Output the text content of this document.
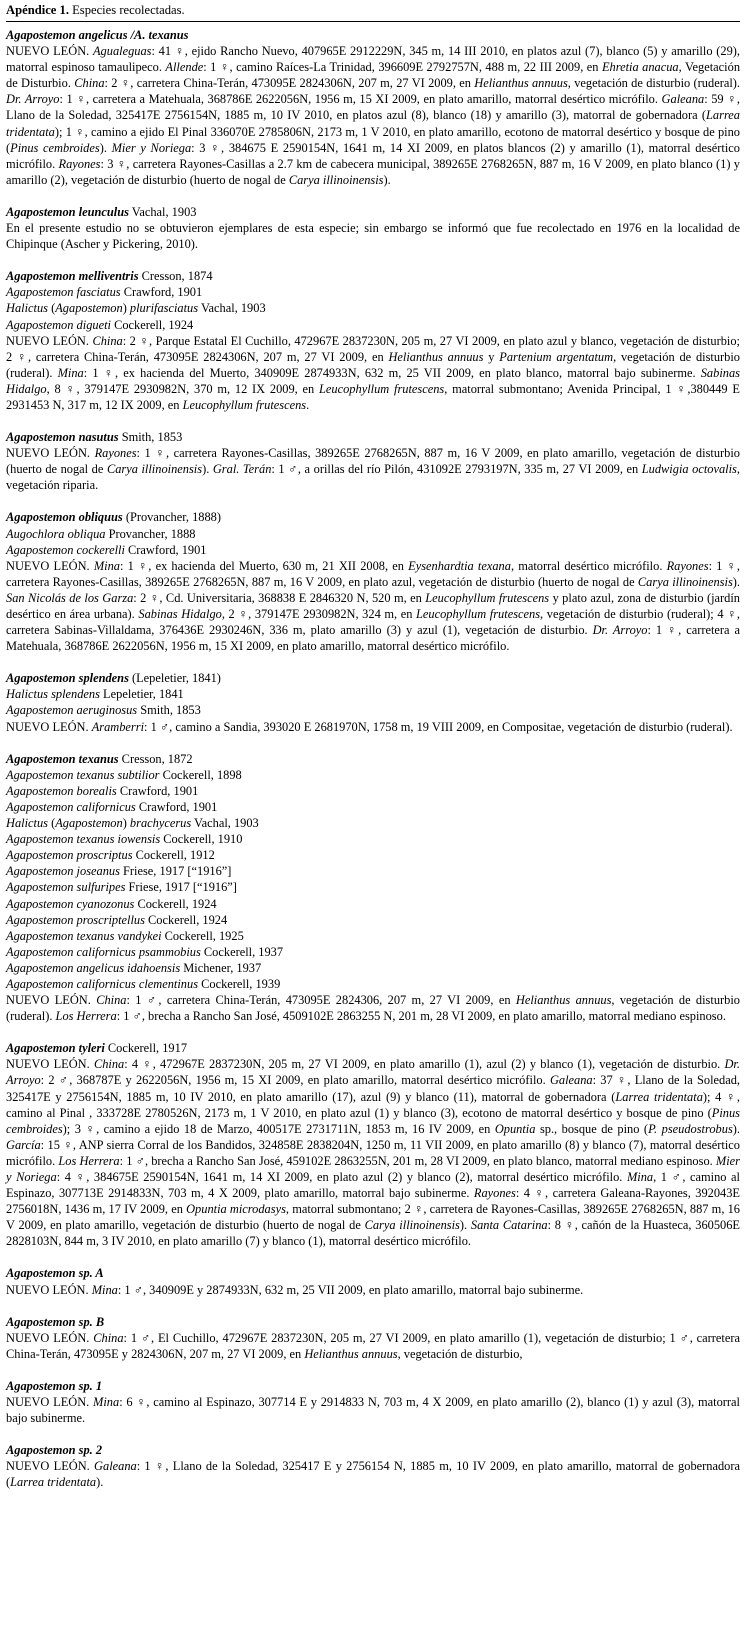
Apéndice 1. Especies recolectadas.

Agapostemon angelicus /A. texanus

NUEVO LEÓN. Agualeguas: 41 ♀, ejido Rancho Nuevo, 407965E 2912229N, 345 m, 14 III 2010, en platos azul (7), blanco (5) y amarillo (29), matorral espinoso tamaulipeco. Allende: 1 ♀, camino Raíces-La Trinidad, 396609E 2792757N, 488 m, 22 III 2009, en Ehretia anacua, Vegetación de Disturbio. China: 2 ♀, carretera China-Terán, 473095E 2824306N, 207 m, 27 VI 2009, en Helianthus annuus, vegetación de disturbio (ruderal). Dr. Arroyo: 1 ♀, carretera a Matehuala, 368786E 2622056N, 1956 m, 15 XI 2009, en plato amarillo, matorral desértico micrófilo. Galeana: 59 ♀, Llano de la Soledad, 325417E 2756154N, 1885 m, 10 IV 2010, en platos azul (8), blanco (18) y amarillo (3), matorral de gobernadora (Larrea tridentata); 1 ♀, camino a ejido El Pinal 336070E 2785806N, 2173 m, 1 V 2010, en plato amarillo, ecotono de matorral desértico y bosque de pino (Pinus cembroides). Mier y Noriega: 3 ♀, 384675 E 2590154N, 1641 m, 14 XI 2009, en platos blancos (2) y amarillo (1), matorral desértico micrófilo. Rayones: 3 ♀, carretera Rayones-Casillas a 2.7 km de cabecera municipal, 389265E 2768265N, 887 m, 16 V 2009, en plato blanco (1) y amarillo (2), vegetación de disturbio (huerto de nogal de Carya illinoinensis).

Agapostemon leunculus Vachal, 1903

En el presente estudio no se obtuvieron ejemplares de esta especie; sin embargo se informó que fue recolectado en 1976 en la localidad de Chipinque (Ascher y Pickering, 2010).

Agapostemon melliventris Cresson, 1874

Agapostemon fasciatus Crawford, 1901

Halictus (Agapostemon) plurifasciatus Vachal, 1903

Agapostemon digueti Cockerell, 1924

NUEVO LEÓN. China: 2 ♀, Parque Estatal El Cuchillo, 472967E 2837230N, 205 m, 27 VI 2009, en plato azul y blanco, vegetación de disturbio; 2 ♀, carretera China-Terán, 473095E 2824306N, 207 m, 27 VI 2009, en Helianthus annuus y Partenium argentatum, vegetación de disturbio (ruderal). Mina: 1 ♀, ex hacienda del Muerto, 340909E 2874933N, 632 m, 25 VII 2009, en plato blanco, matorral bajo subinerme. Sabinas Hidalgo, 8 ♀, 379147E 2930982N, 370 m, 12 IX 2009, en Leucophyllum frutescens, matorral submontano; Avenida Principal, 1 ♀,380449 E 2931453 N, 317 m, 12 IX 2009, en Leucophyllum frutescens.

Agapostemon nasutus Smith, 1853

NUEVO LEÓN. Rayones: 1 ♀, carretera Rayones-Casillas, 389265E 2768265N, 887 m, 16 V 2009, en plato amarillo, vegetación de disturbio (huerto de nogal de Carya illinoinensis). Gral. Terán: 1 ♂, a orillas del río Pilón, 431092E 2793197N, 335 m, 27 VI 2009, en Ludwigia octovalis, vegetación riparia.

Agapostemon obliquus (Provancher, 1888)

Augochlora obliqua Provancher, 1888

Agapostemon cockerelli Crawford, 1901

NUEVO LEÓN. Mina: 1 ♀, ex hacienda del Muerto, 630 m, 21 XII 2008, en Eysenhardtia texana, matorral desértico micrófilo. Rayones: 1 ♀, carretera Rayones-Casillas, 389265E 2768265N, 887 m, 16 V 2009, en plato azul, vegetación de disturbio (huerto de nogal de Carya illinoinensis). San Nicolás de los Garza: 2 ♀, Cd. Universitaria, 368838 E 2846320 N, 520 m, en Leucophyllum frutescens y plato azul, zona de disturbio (jardín desértico en área urbana). Sabinas Hidalgo, 2 ♀, 379147E 2930982N, 324 m, en Leucophyllum frutescens, vegetación de disturbio (ruderal); 4 ♀, carretera Sabinas-Villaldama, 376436E 2930246N, 336 m, plato amarillo (3) y azul (1), vegetación de disturbio. Dr. Arroyo: 1 ♀, carretera a Matehuala, 368786E 2622056N, 1956 m, 15 XI 2009, en plato amarillo, matorral desértico micrófilo.

Agapostemon splendens (Lepeletier, 1841)

Halictus splendens Lepeletier, 1841

Agapostemon aeruginosus Smith, 1853

NUEVO LEÓN. Aramberri: 1 ♂, camino a Sandia, 393020 E 2681970N, 1758 m, 19 VIII 2009, en Compositae, vegetación de disturbio (ruderal).

Agapostemon texanus Cresson, 1872

Agapostemon texanus subtilior Cockerell, 1898

Agapostemon borealis Crawford, 1901

Agapostemon californicus Crawford, 1901

Halictus (Agapostemon) brachycerus Vachal, 1903

Agapostemon texanus iowensis Cockerell, 1910

Agapostemon proscriptus Cockerell, 1912

Agapostemon joseanus Friese, 1917 [“1916”]

Agapostemon sulfuripes Friese, 1917 [“1916”]

Agapostemon cyanozonus Cockerell, 1924

Agapostemon proscriptellus Cockerell, 1924

Agapostemon texanus vandykei Cockerell, 1925

Agapostemon californicus psammobius Cockerell, 1937

Agapostemon angelicus idahoensis Michener, 1937

Agapostemon californicus clementinus Cockerell, 1939

NUEVO LEÓN. China: 1 ♂, carretera China-Terán, 473095E 2824306, 207 m, 27 VI 2009, en Helianthus annuus, vegetación de disturbio (ruderal). Los Herrera: 1 ♂, brecha a Rancho San José, 4509102E 2863255 N, 201 m, 28 VI 2009, en plato amarillo, matorral mediano espinoso.

Agapostemon tyleri Cockerell, 1917

NUEVO LEÓN. China: 4 ♀, 472967E 2837230N, 205 m, 27 VI 2009, en plato amarillo (1), azul (2) y blanco (1), vegetación de disturbio. Dr. Arroyo: 2 ♂, 368787E y 2622056N, 1956 m, 15 XI 2009, en plato amarillo, matorral desértico micrófilo. Galeana: 37 ♀, Llano de la Soledad, 325417E y 2756154N, 1885 m, 10 IV 2010, en plato amarillo (17), azul (9) y blanco (11), matorral de gobernadora (Larrea tridentata); 4 ♀, camino al Pinal , 333728E 2780526N, 2173 m, 1 V 2010, en plato azul (1) y blanco (3), ecotono de matorral desértico y bosque de pino (Pinus cembroides); 3 ♀, camino a ejido 18 de Marzo, 400517E 2731711N, 1853 m, 16 IV 2009, en Opuntia sp., bosque de pino (P. pseudostrobus). García: 15 ♀, ANP sierra Corral de los Bandidos, 324858E 2838204N, 1250 m, 11 VII 2009, en plato amarillo (8) y blanco (7), matorral desértico micrófilo. Los Herrera: 1 ♂, brecha a Rancho San José, 459102E 2863255N, 201 m, 28 VI 2009, en plato blanco, matorral mediano espinoso. Mier y Noriega: 4 ♀, 384675E 2590154N, 1641 m, 14 XI 2009, en plato azul (2) y blanco (2), matorral desértico micrófilo. Mina, 1 ♂, camino al Espinazo, 307713E 2914833N, 703 m, 4 X 2009, plato amarillo, matorral bajo subinerme. Rayones: 4 ♀, carretera Galeana-Rayones, 392043E 2756018N, 1436 m, 17 IV 2009, en Opuntia microdasys, matorral submontano; 2 ♀, carretera de Rayones-Casillas, 389265E 2768265N, 887 m, 16 V 2009, en plato amarillo, vegetación de disturbio (huerto de nogal de Carya illinoinensis). Santa Catarina: 8 ♀, cañón de la Huasteca, 360506E 2828103N, 844 m, 3 IV 2010, en plato amarillo (7) y blanco (1), matorral desértico micrófilo.

Agapostemon sp. A

NUEVO LEÓN. Mina: 1 ♂, 340909E y 2874933N, 632 m, 25 VII 2009, en plato amarillo, matorral bajo subinerme.

Agapostemon sp. B

NUEVO LEÓN. China: 1 ♂, El Cuchillo, 472967E 2837230N, 205 m, 27 VI 2009, en plato amarillo (1), vegetación de disturbio; 1 ♂, carretera China-Terán, 473095E y 2824306N, 207 m, 27 VI 2009, en Helianthus annuus, vegetación de disturbio,

Agapostemon sp. 1

NUEVO LEÓN. Mina: 6 ♀, camino al Espinazo, 307714 E y 2914833 N, 703 m, 4 X 2009, en plato amarillo (2), blanco (1) y azul (3), matorral bajo subinerme.

Agapostemon sp. 2

NUEVO LEÓN. Galeana: 1 ♀, Llano de la Soledad, 325417 E y 2756154 N, 1885 m, 10 IV 2009, en plato amarillo, matorral de gobernadora (Larrea tridentata).
